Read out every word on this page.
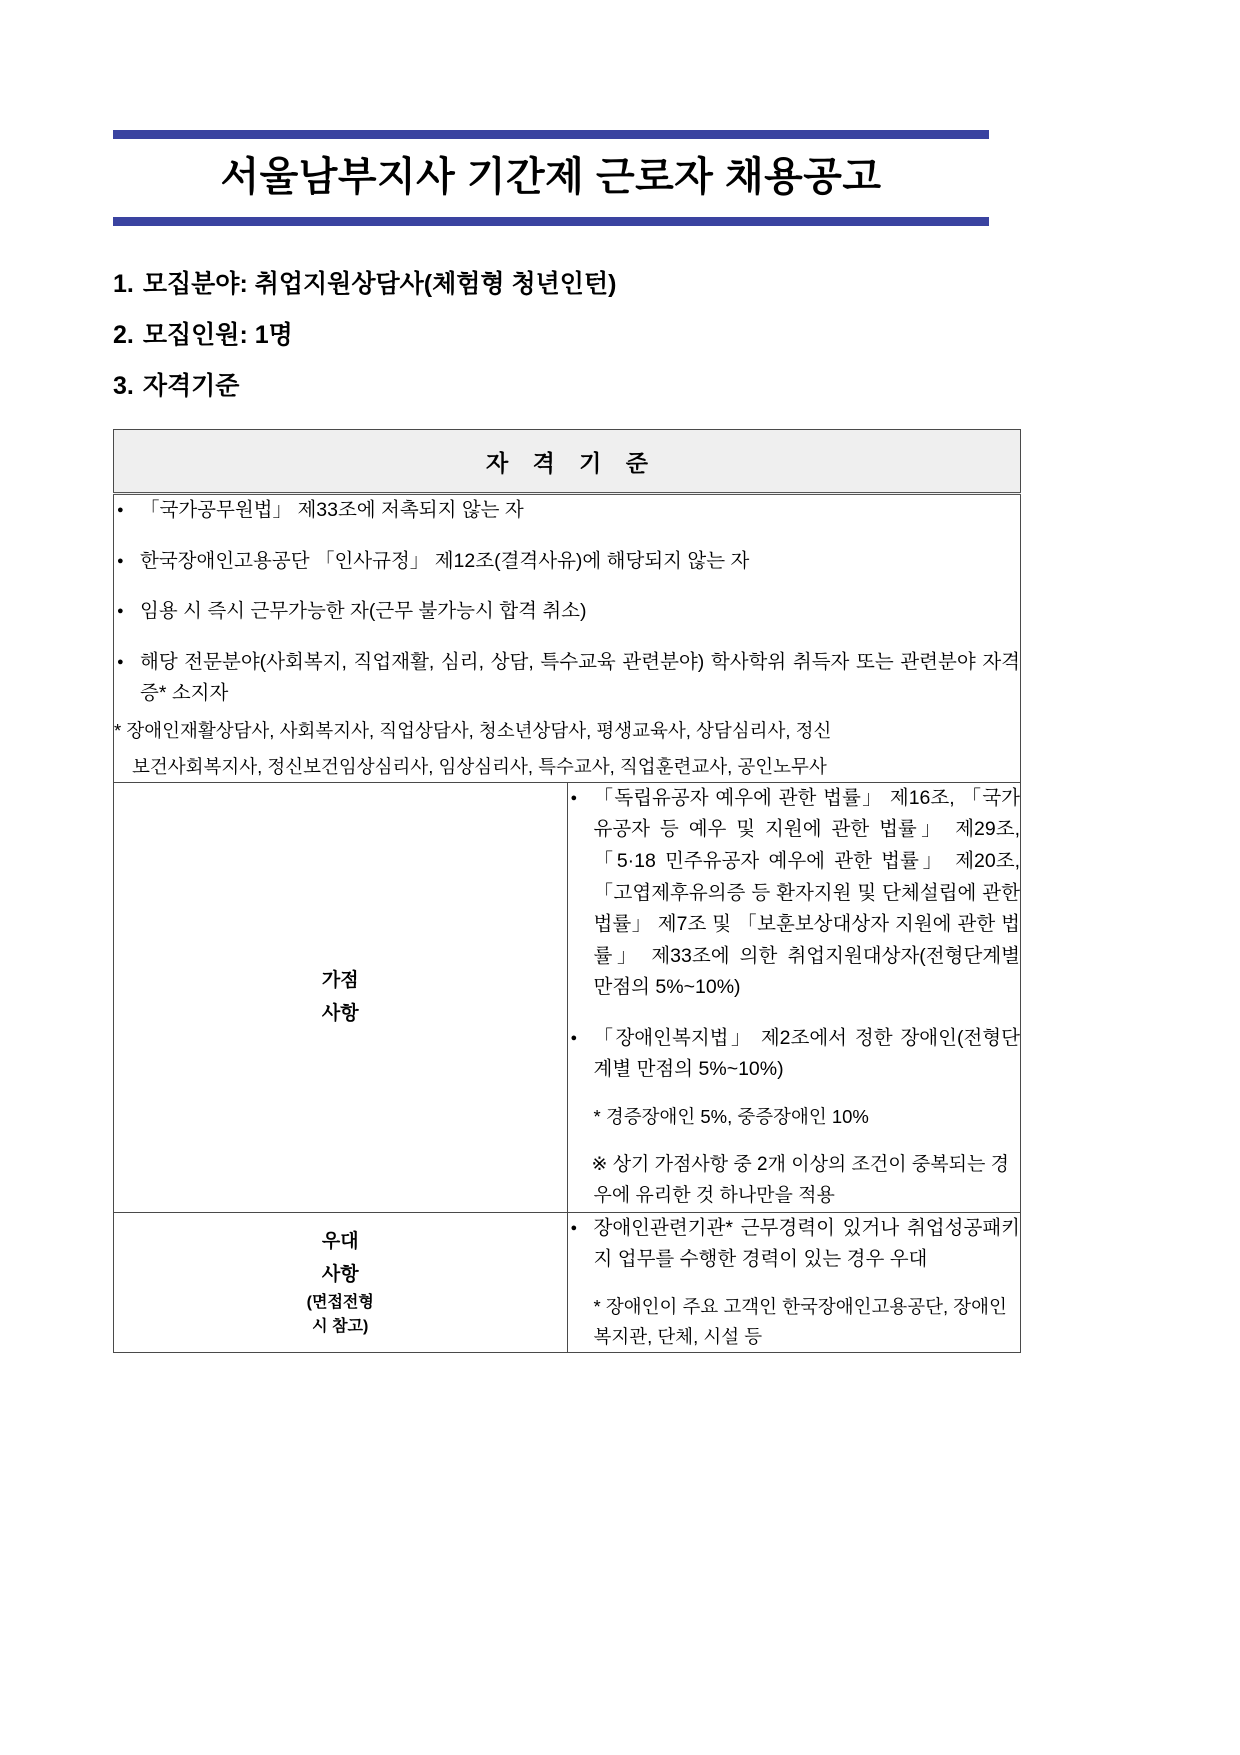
서울남부지사 기간제 근로자 채용공고
1. 모집분야: 취업지원상담사(체험형 청년인턴)
2. 모집인원: 1명
3. 자격기준
자 격 기 준	

● 「국가공무원법」 제33조에 저촉되지 않는 자
● 한국장애인고용공단 「인사규정」 제12조(결격사유)에 해당되지 않는 자
● 임용 시 즉시 근무가능한 자(근무 불가능시 합격 취소)
● 해당 전문분야(사회복지, 직업재활, 심리, 상담, 특수교육 관련분야) 학사학위 취득자 또는 관련분야 자격증* 소지자
* 장애인재활상담사, 사회복지사, 직업상담사, 청소년상담사, 평생교육사, 상담심리사, 정신
보건사회복지사, 정신보건임상심리사, 임상심리사, 특수교사, 직업훈련교사, 공인노무사

가점
사항

● 「독립유공자 예우에 관한 법률」 제16조, 「국가유공자 등 예우 및 지원에 관한 법률」 제29조, 「5·18 민주유공자 예우에 관한 법률」 제20조, 「고엽제후유의증 등 환자지원 및 단체설립에 관한 법률」 제7조 및 「보훈보상대상자 지원에 관한 법률」 제33조에 의한 취업지원대상자(전형단계별 만점의 5%~10%)
● 「장애인복지법」 제2조에서 정한 장애인(전형단계별 만점의 5%~10%)
* 경증장애인 5%, 중증장애인 10%
※ 상기 가점사항 중 2개 이상의 조건이 중복되는 경우에 유리한 것 하나만을 적용

우대
사항
(면접전형
시 참고)

● 장애인관련기관* 근무경력이 있거나 취업성공패키지 업무를 수행한 경력이 있는 경우 우대
* 장애인이 주요 고객인 한국장애인고용공단, 장애인복지관, 단체, 시설 등
